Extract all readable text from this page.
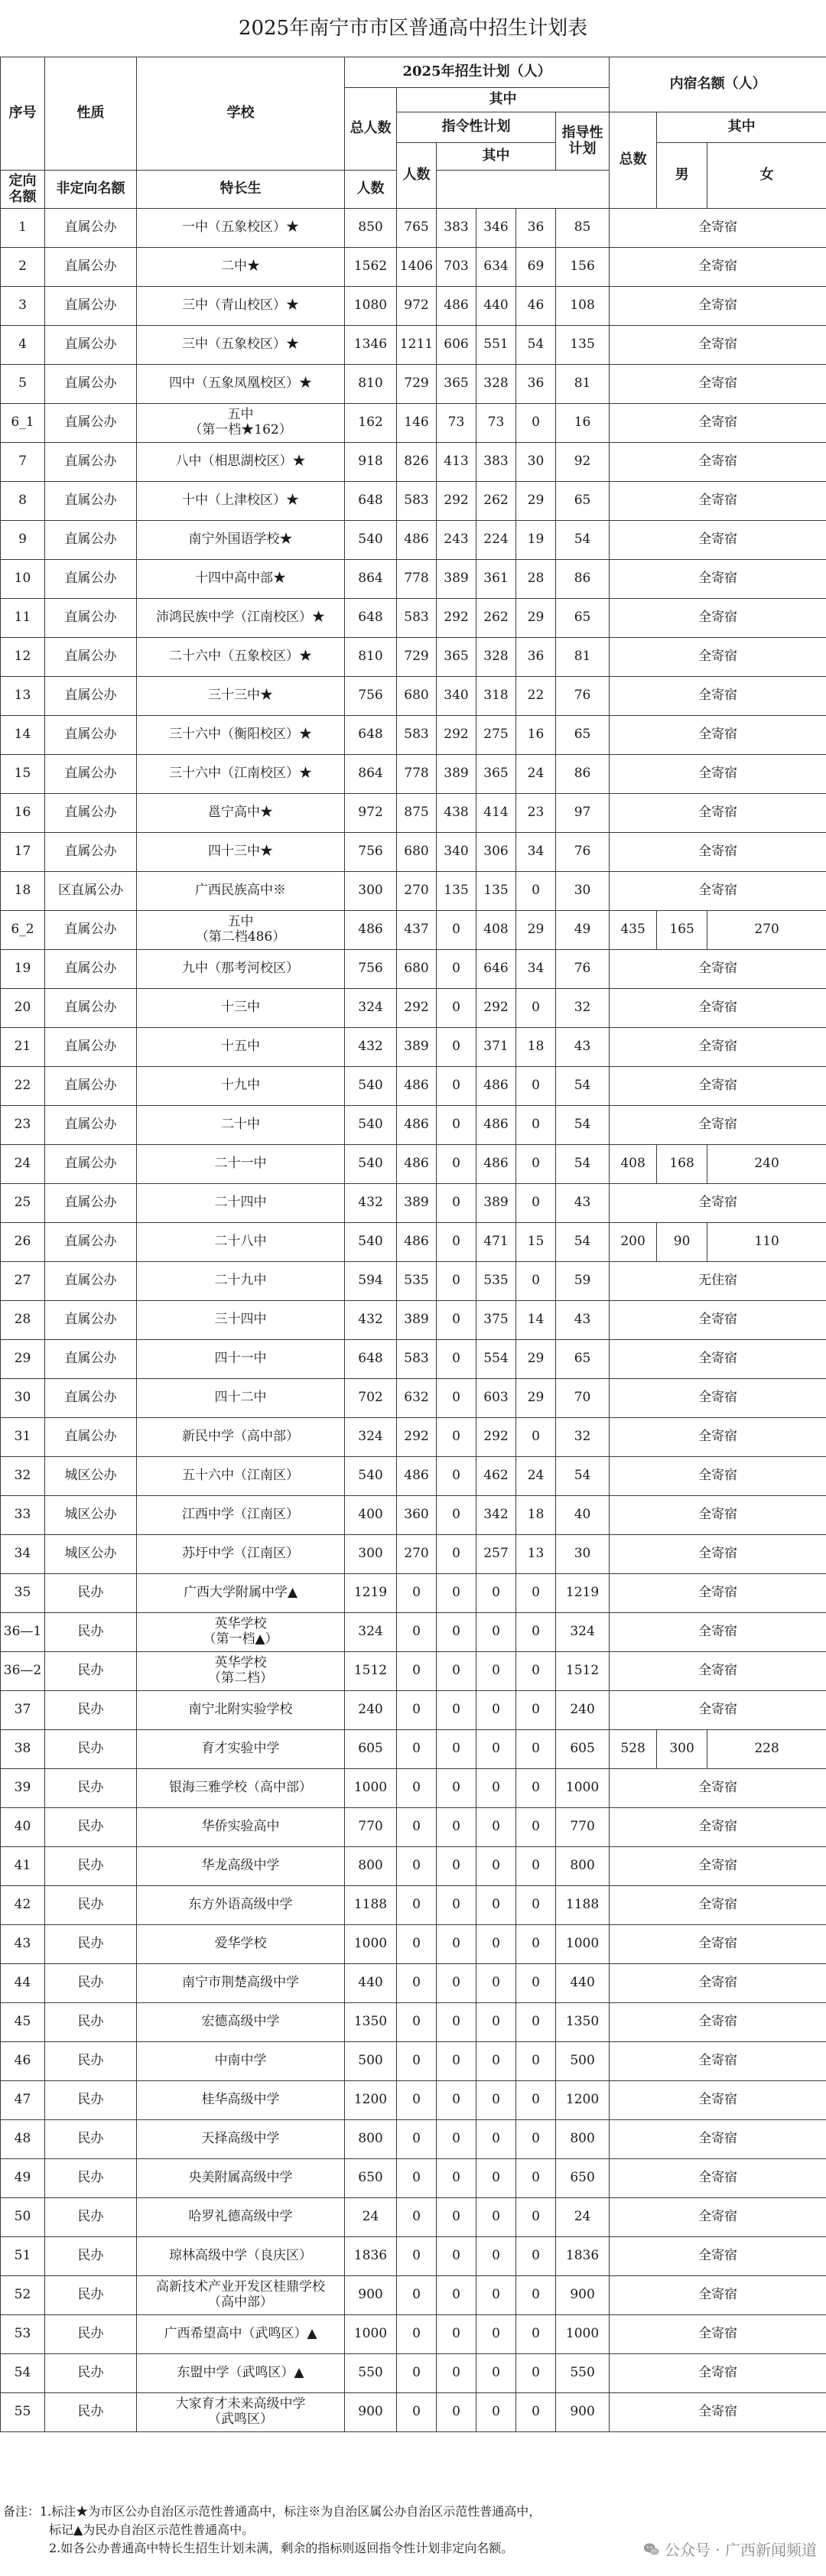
2025年南宁市市区普通高中招生计划表
序号	性质	学校	2025年招生计划（人）						内宿名额（人）		
			总人数	其中							
				指令性计划				指导性计划	总数	其中	
				人数	其中					男	女
定向名额	非定向名额	特长生	人数								
1	直属公办	一中（五象校区）★	850	765	383	346	36	85	全寄宿		
2	直属公办	二中★	1562	1406	703	634	69	156	全寄宿		
3	直属公办	三中（青山校区）★	1080	972	486	440	46	108	全寄宿		
4	直属公办	三中（五象校区）★	1346	1211	606	551	54	135	全寄宿		
5	直属公办	四中（五象凤凰校区）★	810	729	365	328	36	81	全寄宿		
6_1	直属公办	五中
（第一档★162）	162	146	73	73	0	16	全寄宿		
7	直属公办	八中（相思湖校区）★	918	826	413	383	30	92	全寄宿		
8	直属公办	十中（上津校区）★	648	583	292	262	29	65	全寄宿		
9	直属公办	南宁外国语学校★	540	486	243	224	19	54	全寄宿		
10	直属公办	十四中高中部★	864	778	389	361	28	86	全寄宿		
11	直属公办	沛鸿民族中学（江南校区）★	648	583	292	262	29	65	全寄宿		
12	直属公办	二十六中（五象校区）★	810	729	365	328	36	81	全寄宿		
13	直属公办	三十三中★	756	680	340	318	22	76	全寄宿		
14	直属公办	三十六中（衡阳校区）★	648	583	292	275	16	65	全寄宿		
15	直属公办	三十六中（江南校区）★	864	778	389	365	24	86	全寄宿		
16	直属公办	邕宁高中★	972	875	438	414	23	97	全寄宿		
17	直属公办	四十三中★	756	680	340	306	34	76	全寄宿		
18	区直属公办	广西民族高中※	300	270	135	135	0	30	全寄宿		
6_2	直属公办	五中
（第二档486）	486	437	0	408	29	49	435	165	270
19	直属公办	九中（那考河校区）	756	680	0	646	34	76	全寄宿		
20	直属公办	十三中	324	292	0	292	0	32	全寄宿		
21	直属公办	十五中	432	389	0	371	18	43	全寄宿		
22	直属公办	十九中	540	486	0	486	0	54	全寄宿		
23	直属公办	二十中	540	486	0	486	0	54	全寄宿		
24	直属公办	二十一中	540	486	0	486	0	54	408	168	240
25	直属公办	二十四中	432	389	0	389	0	43	全寄宿		
26	直属公办	二十八中	540	486	0	471	15	54	200	90	110
27	直属公办	二十九中	594	535	0	535	0	59	无住宿		
28	直属公办	三十四中	432	389	0	375	14	43	全寄宿		
29	直属公办	四十一中	648	583	0	554	29	65	全寄宿		
30	直属公办	四十二中	702	632	0	603	29	70	全寄宿		
31	直属公办	新民中学（高中部）	324	292	0	292	0	32	全寄宿		
32	城区公办	五十六中（江南区）	540	486	0	462	24	54	全寄宿		
33	城区公办	江西中学（江南区）	400	360	0	342	18	40	全寄宿		
34	城区公办	苏圩中学（江南区）	300	270	0	257	13	30	全寄宿		
35	民办	广西大学附属中学▲	1219	0	0	0	0	1219	全寄宿		
36—1	民办	英华学校
（第一档▲）	324	0	0	0	0	324	全寄宿		
36—2	民办	英华学校
（第二档）	1512	0	0	0	0	1512	全寄宿		
37	民办	南宁北附实验学校	240	0	0	0	0	240	全寄宿		
38	民办	育才实验中学	605	0	0	0	0	605	528	300	228
39	民办	银海三雅学校（高中部）	1000	0	0	0	0	1000	全寄宿		
40	民办	华侨实验高中	770	0	0	0	0	770	全寄宿		
41	民办	华龙高级中学	800	0	0	0	0	800	全寄宿		
42	民办	东方外语高级中学	1188	0	0	0	0	1188	全寄宿		
43	民办	爱华学校	1000	0	0	0	0	1000	全寄宿		
44	民办	南宁市荆楚高级中学	440	0	0	0	0	440	全寄宿		
45	民办	宏德高级中学	1350	0	0	0	0	1350	全寄宿		
46	民办	中南中学	500	0	0	0	0	500	全寄宿		
47	民办	桂华高级中学	1200	0	0	0	0	1200	全寄宿		
48	民办	天择高级中学	800	0	0	0	0	800	全寄宿		
49	民办	央美附属高级中学	650	0	0	0	0	650	全寄宿		
50	民办	哈罗礼德高级中学	24	0	0	0	0	24	全寄宿		
51	民办	琼林高级中学（良庆区）	1836	0	0	0	0	1836	全寄宿		
52	民办	高新技术产业开发区桂鼎学校
（高中部）	900	0	0	0	0	900	全寄宿		
53	民办	广西希望高中（武鸣区）▲	1000	0	0	0	0	1000	全寄宿		
54	民办	东盟中学（武鸣区）▲	550	0	0	0	0	550	全寄宿		
55	民办	大家育才未来高级中学
（武鸣区）	900	0	0	0	0	900	全寄宿		
备注：1.标注★为市区公办自治区示范性普通高中，标注※为自治区属公办自治区示范性普通高中，
标记▲为民办自治区示范性普通高中。
2.如各公办普通高中特长生招生计划未满，剩余的指标则返回指令性计划非定向名额。	公众号 · 广西新闻频道
